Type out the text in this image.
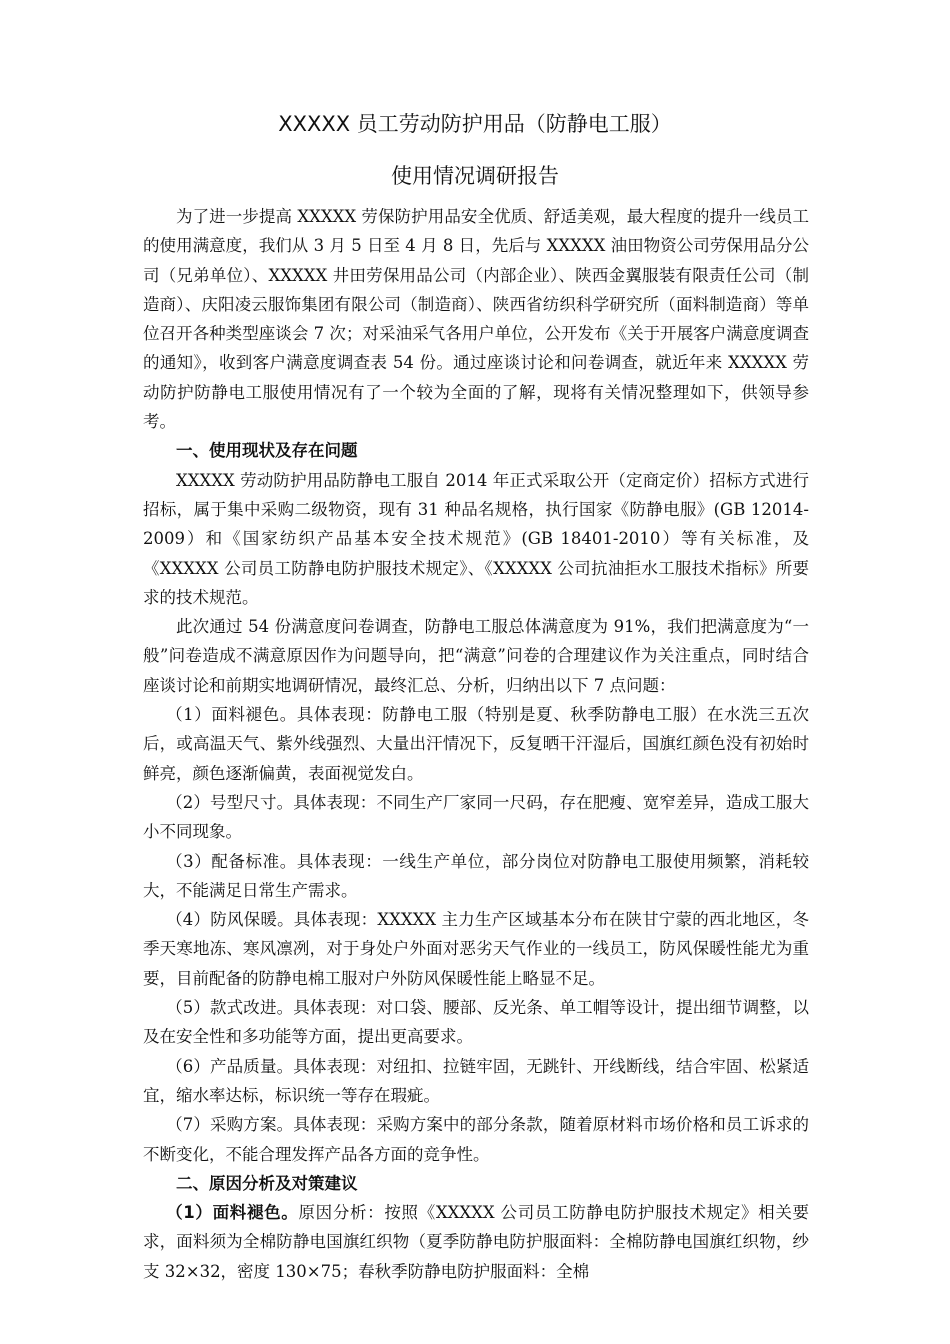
XXXXX 员工劳动防护用品（防静电工服）
使用情况调研报告

为了进一步提高 XXXXX 劳保防护用品安全优质、舒适美观，最大程度的提升一线员工的使用满意度，我们从 3 月 5 日至 4 月 8 日，先后与 XXXXX 油田物资公司劳保用品分公司（兄弟单位）、XXXXX 井田劳保用品公司（内部企业）、陕西金翼服装有限责任公司（制造商）、庆阳凌云服饰集团有限公司（制造商）、陕西省纺织科学研究所（面料制造商）等单位召开各种类型座谈会 7 次；对采油采气各用户单位，公开发布《关于开展客户满意度调查的通知》，收到客户满意度调查表 54 份。通过座谈讨论和问卷调查，就近年来 XXXXX 劳动防护防静电工服使用情况有了一个较为全面的了解，现将有关情况整理如下，供领导参考。

一、使用现状及存在问题

XXXXX 劳动防护用品防静电工服自 2014 年正式采取公开（定商定价）招标方式进行招标，属于集中采购二级物资，现有 31 种品名规格，执行国家《防静电服》(GB 12014-2009）和《国家纺织产品基本安全技术规范》(GB 18401-2010）等有关标准，及《XXXXX 公司员工防静电防护服技术规定》、《XXXXX 公司抗油拒水工服技术指标》所要求的技术规范。

此次通过 54 份满意度问卷调查，防静电工服总体满意度为 91%，我们把满意度为“一般”问卷造成不满意原因作为问题导向，把“满意”问卷的合理建议作为关注重点，同时结合座谈讨论和前期实地调研情况，最终汇总、分析，归纳出以下 7 点问题：

（1）面料褪色。具体表现：防静电工服（特别是夏、秋季防静电工服）在水洗三五次后，或高温天气、紫外线强烈、大量出汗情况下，反复晒干汗湿后，国旗红颜色没有初始时鲜亮，颜色逐渐偏黄，表面视觉发白。

（2）号型尺寸。具体表现：不同生产厂家同一尺码，存在肥瘦、宽窄差异，造成工服大小不同现象。

（3）配备标准。具体表现：一线生产单位，部分岗位对防静电工服使用频繁，消耗较大，不能满足日常生产需求。

（4）防风保暖。具体表现：XXXXX 主力生产区域基本分布在陕甘宁蒙的西北地区，冬季天寒地冻、寒风凛冽，对于身处户外面对恶劣天气作业的一线员工，防风保暖性能尤为重要，目前配备的防静电棉工服对户外防风保暖性能上略显不足。

（5）款式改进。具体表现：对口袋、腰部、反光条、单工帽等设计，提出细节调整，以及在安全性和多功能等方面，提出更高要求。

（6）产品质量。具体表现：对纽扣、拉链牢固，无跳针、开线断线，结合牢固、松紧适宜，缩水率达标，标识统一等存在瑕疵。

（7）采购方案。具体表现：采购方案中的部分条款，随着原材料市场价格和员工诉求的不断变化，不能合理发挥产品各方面的竞争性。

二、原因分析及对策建议

（1）面料褪色。原因分析：按照《XXXXX 公司员工防静电防护服技术规定》相关要求，面料须为全棉防静电国旗红织物（夏季防静电防护服面料：全棉防静电国旗红织物，纱支 32×32，密度 130×75；春秋季防静电防护服面料：全棉
